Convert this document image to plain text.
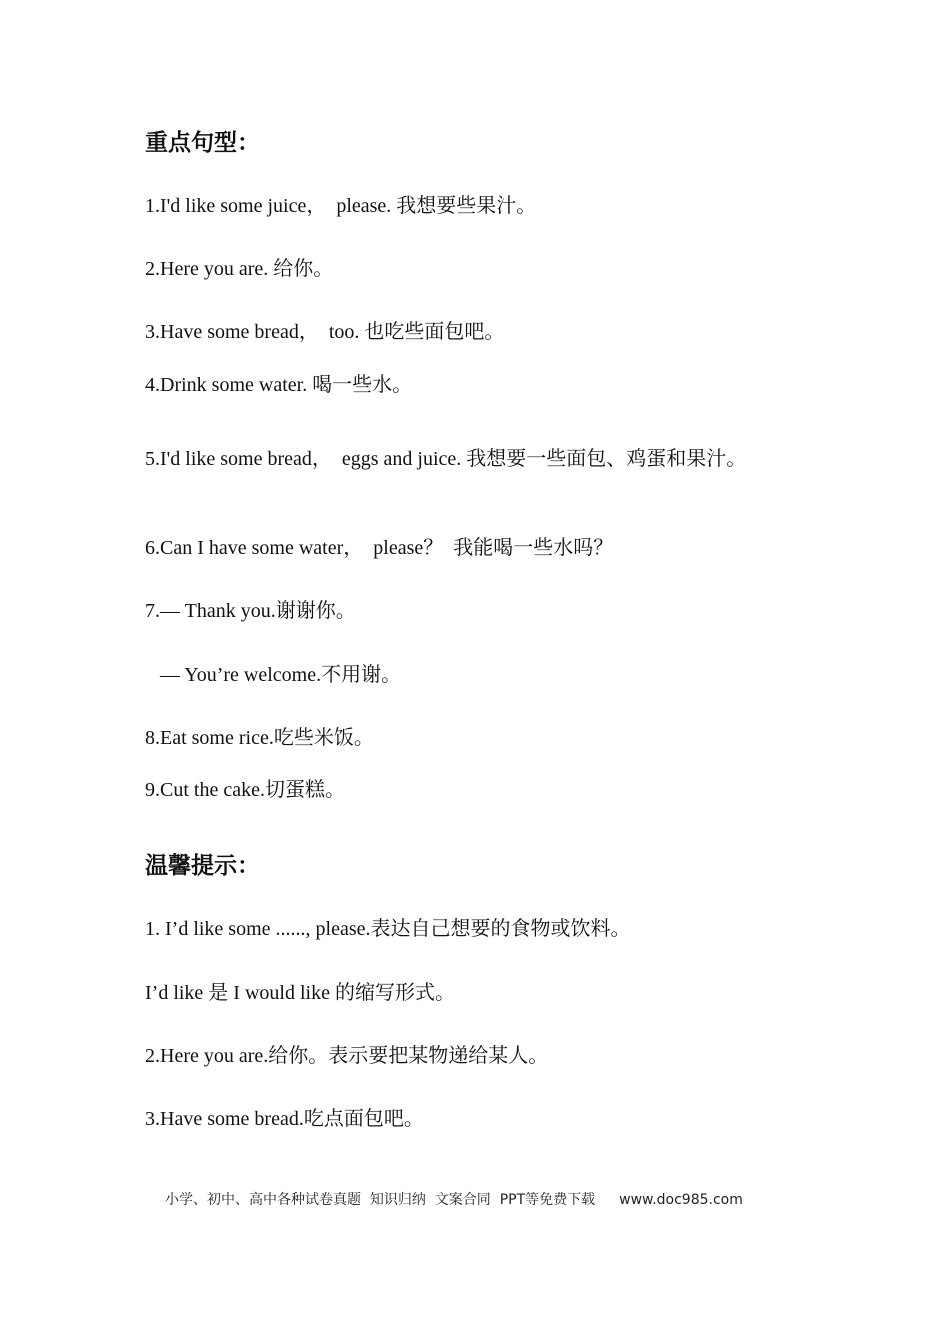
重点句型：
1.I'd like some juice，  please. 我想要些果汁。
2.Here you are. 给你。
3.Have some bread，  too. 也吃些面包吧。
4.Drink some water. 喝一些水。
5.I'd like some bread，  eggs and juice. 我想要一些面包、鸡蛋和果汁。
6.Can I have some water，  please？  我能喝一些水吗？
7.— Thank you.谢谢你。
— You’re welcome.不用谢。
8.Eat some rice.吃些米饭。
9.Cut the cake.切蛋糕。
温馨提示：
1. I’d like some ......, please.表达自己想要的食物或饮料。
I’d like 是 I would like 的缩写形式。
2.Here you are.给你。表示要把某物递给某人。
3.Have some bread.吃点面包吧。
小学、初中、高中各种试卷真题  知识归纳  文案合同  PPT等免费下载 www.doc985.com
